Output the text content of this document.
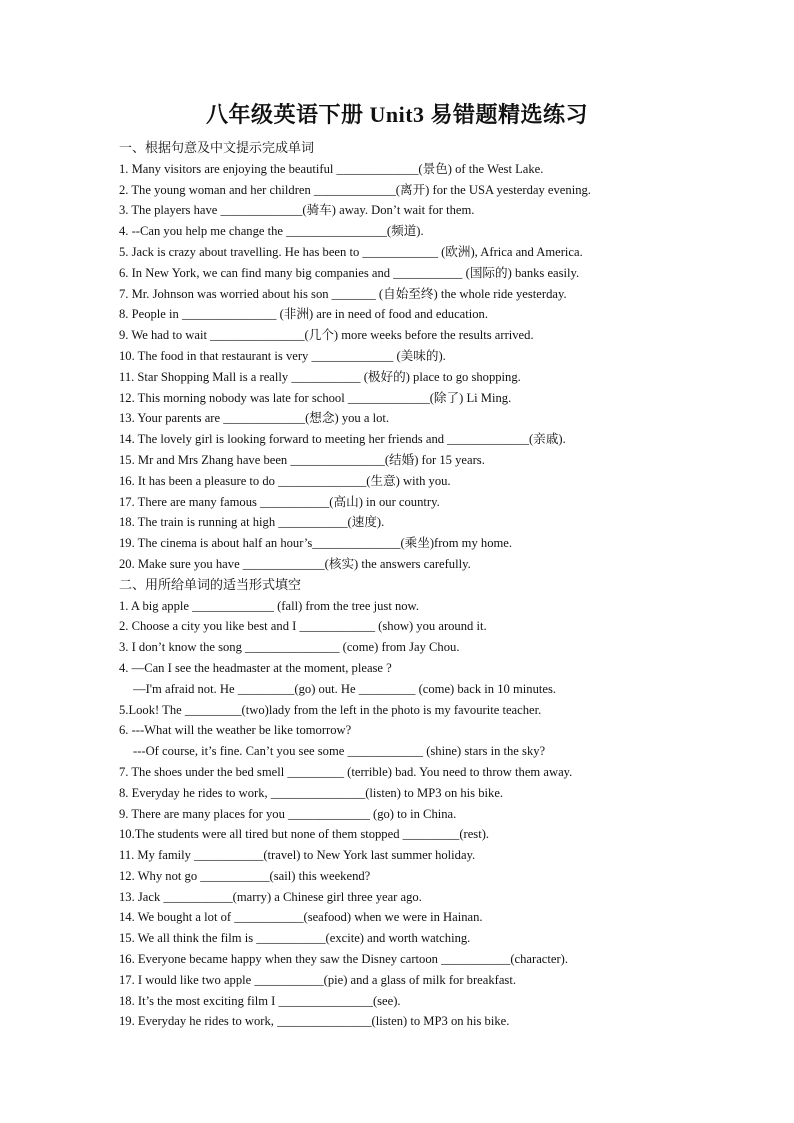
八年级英语下册 Unit3 易错题精选练习
一、根据句意及中文提示完成单词
1. Many visitors are enjoying the beautiful _____________(景色) of the West Lake.
2. The young woman and her children _____________(离开) for the USA yesterday evening.
3. The players have _____________(骑车) away. Don’t wait for them.
4. --Can you help me change the ________________(频道).
5. Jack is crazy about travelling. He has been to ____________ (欧洲), Africa and America.
6. In New York, we can find many big companies and ___________ (国际的) banks easily.
7. Mr. Johnson was worried about his son _______ (自始至终) the whole ride yesterday.
8. People in _______________ (非洲) are in need of food and education.
9. We had to wait _______________(几个) more weeks before the results arrived.
10. The food in that restaurant is very _____________ (美味的).
11. Star Shopping Mall is a really ___________ (极好的) place to go shopping.
12. This morning nobody was late for school _____________(除了) Li Ming.
13. Your parents are _____________(想念) you a lot.
14. The lovely girl is looking forward to meeting her friends and _____________(亲戚).
15. Mr and Mrs Zhang have been _______________(结婚) for 15 years.
16. It has been a pleasure to do ______________(生意) with you.
17. There are many famous ___________(高山) in our country.
18. The train is running at high ___________(速度).
19. The cinema is about half an hour’s______________(乘坐)from my home.
20. Make sure you have _____________(核实) the answers carefully.
二、用所给单词的适当形式填空
1. A big apple _____________ (fall) from the tree just now.
2. Choose a city you like best and I ____________ (show) you around it.
3. I don’t know the song _______________ (come) from Jay Chou.
4. —Can I see the headmaster at the moment, please ?
—I'm afraid not. He _________(go) out. He _________ (come) back in 10 minutes.
5.Look! The _________(two)lady from the left in the photo is my favourite teacher.
6. ---What will the weather be like tomorrow?
---Of course, it’s fine. Can’t you see some ____________ (shine) stars in the sky?
7. The shoes under the bed smell _________ (terrible) bad. You need to throw them away.
8. Everyday he rides to work, _______________(listen) to MP3 on his bike.
9. There are many places for you _____________ (go) to in China.
10.The students were all tired but none of them stopped _________(rest).
11. My family ___________(travel) to New York last summer holiday.
12. Why not go ___________(sail) this weekend?
13. Jack ___________(marry) a Chinese girl three year ago.
14. We bought a lot of ___________(seafood) when we were in Hainan.
15. We all think the film is ___________(excite) and worth watching.
16. Everyone became happy when they saw the Disney cartoon ___________(character).
17. I would like two apple ___________(pie) and a glass of milk for breakfast.
18. It’s the most exciting film I _______________(see).
19. Everyday he rides to work, _______________(listen) to MP3 on his bike.
